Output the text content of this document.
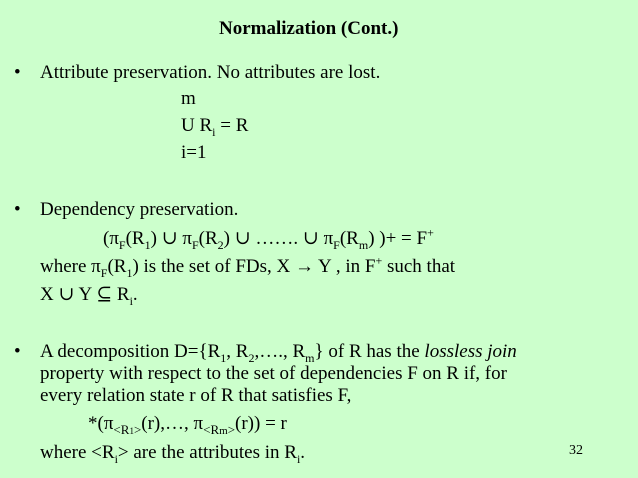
Normalization (Cont.)
• Attribute preservation. No attributes are lost.
m
U $R_i = R$
i=1
• Dependency preservation.
($\pi_F(R_1)$ ∪ $\pi_F(R_2)$ ∪ ……. ∪ $\pi_F(R_m)$ )+ = F+
where $\pi_F(R_1)$ is the set of FDs, X → Y , in F+ such that
X ∪ Y ⊆ $R_i$.
• A decomposition $D=\{R_1$, $R_2,\dots$., $R_m$} of R has the lossless join
property with respect to the set of dependencies F on R if, for
every relation state r of R that satisfies F,
$*(\pi_{<R1>}(r),\dots$, $\pi_{<Rm>}(r)) = r$
where $<R_i>$ are the attributes in $R_i$.	32
